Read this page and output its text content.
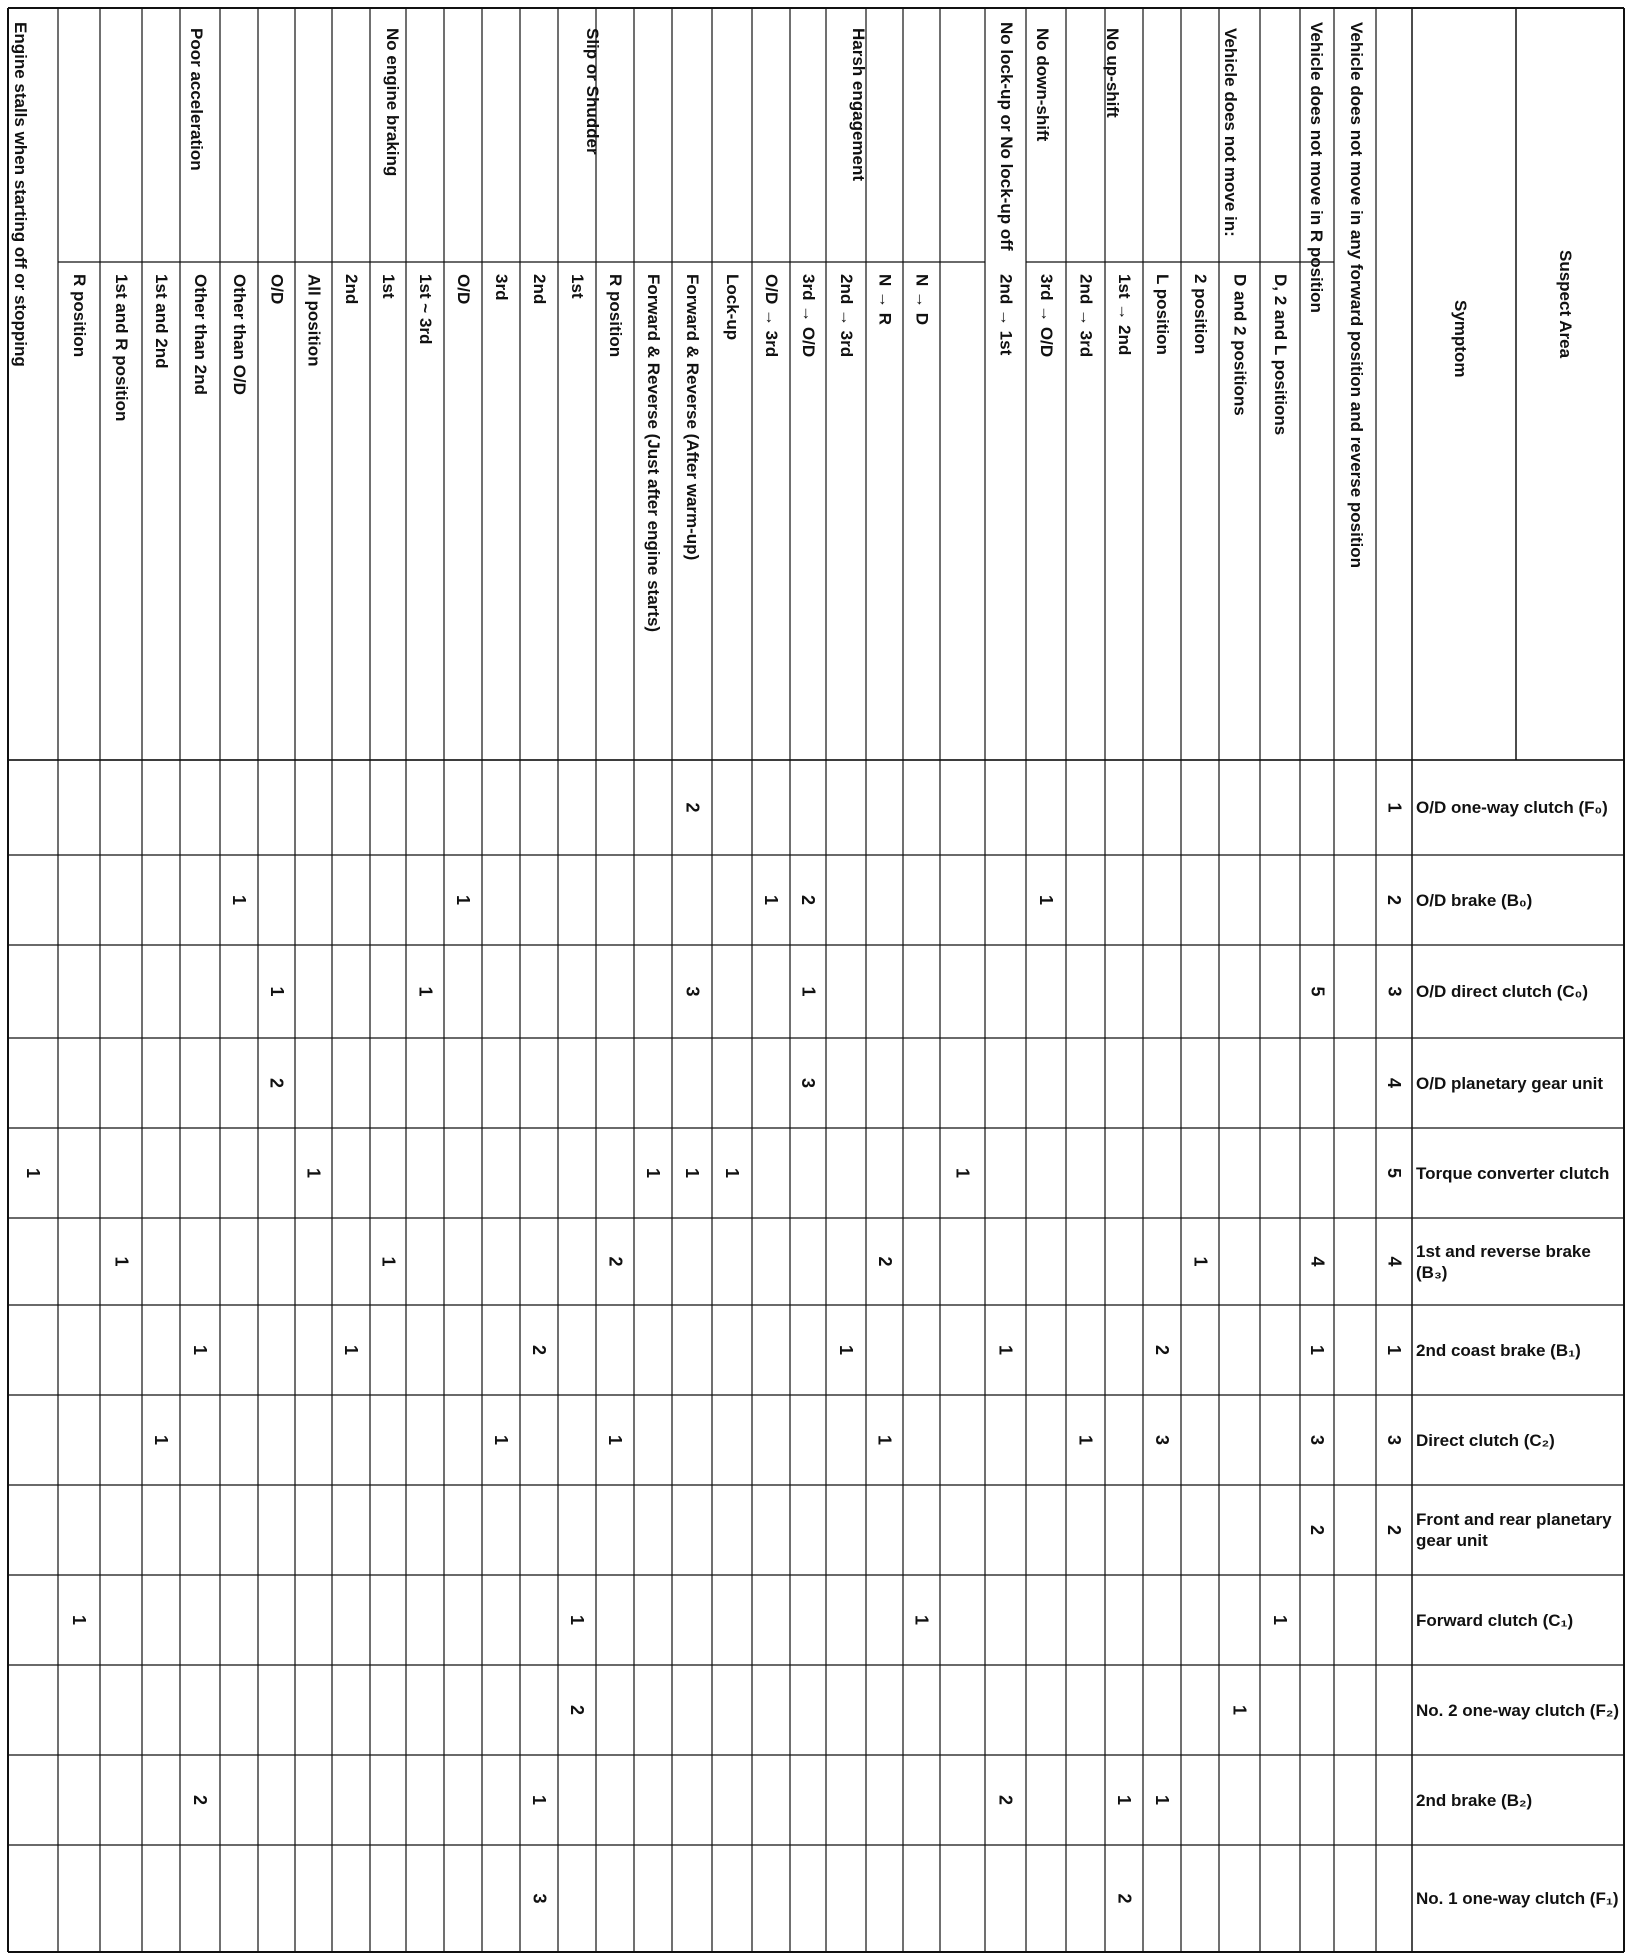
Suspect Area
Symptom
Vehicle does not move in any forward position and reverse position
Vehicle does not move in R position
No lock-up or No lock-up off
Engine stalls when starting off or stopping	Vehicle does not move in:
No up-shift
No down-shift
Harsh engagement
Slip or Shudder
No engine braking
Poor acceleration
D, 2 and L positions
D and 2 positions
2 position
L position
1st → 2nd
2nd → 3rd
3rd → O/D
2nd → 1st
N → D
N → R
2nd → 3rd
3rd → O/D
O/D → 3rd
Lock-up
Forward & Reverse (After warm-up)
Forward & Reverse (Just after engine starts)
R position
1st
2nd
3rd
O/D
1st ~ 3rd
1st
2nd
All position
O/D
Other than O/D
Other than 2nd
1st and 2nd
1st and R position
R position
O/D one-way clutch (F₀)
1
O/D brake (B₀)
2
O/D direct clutch (C₀)
3
O/D planetary gear unit
4
Torque converter clutch
5
1st and reverse brake (B₃)
4
2nd coast brake (B₁)
1
Direct clutch (C₂)
3
Front and rear planetary gear unit
2
Forward clutch (C₁)
No. 2 one-way clutch (F₂)
2nd brake (B₂)
No. 1 one-way clutch (F₁)
2
1
2
1
1
1
5
1
3
1
1
3
2
1
1
1
1
1
1
4
1
2
2
1
1
1
2
1
1
2
1
1
3
3
1
1
1
1
1
2
1
1
1
1
1
2
1
1
2
1
2
2
3
